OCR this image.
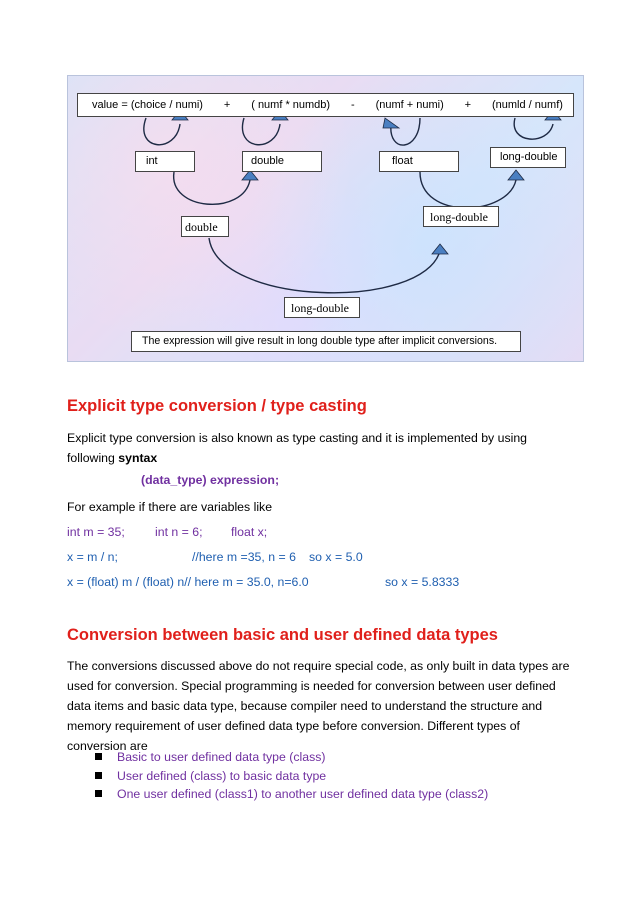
value = (choice / numi) + ( numf * numdb) - (numf + numi) + (numld / numf)
int	double	float	long-double
double
long-double
long-double
The expression will give result in long double type after implicit conversions.
Explicit type conversion / type casting

Explicit type conversion is also known as type casting and it is implemented by using

following syntax

(data_type) expression;

For example if there are variables like

int m = 35; int n = 6; float x;

x = m / n;	//here m =35, n = 6 so x = 5.0

x = (float) m / (float) n// here m = 35.0, n=6.0	so x = 5.8333

Conversion between basic and user defined data types
The conversions discussed above do not require special code, as only built in data types are
used for conversion. Special programming is needed for conversion between user defined
data items and basic data type, because compiler need to understand the structure and
memory requirement of user defined data type before conversion. Different types of
conversion are
Basic to user defined data type (class)
User defined (class) to basic data type
One user defined (class1) to another user defined data type (class2)
